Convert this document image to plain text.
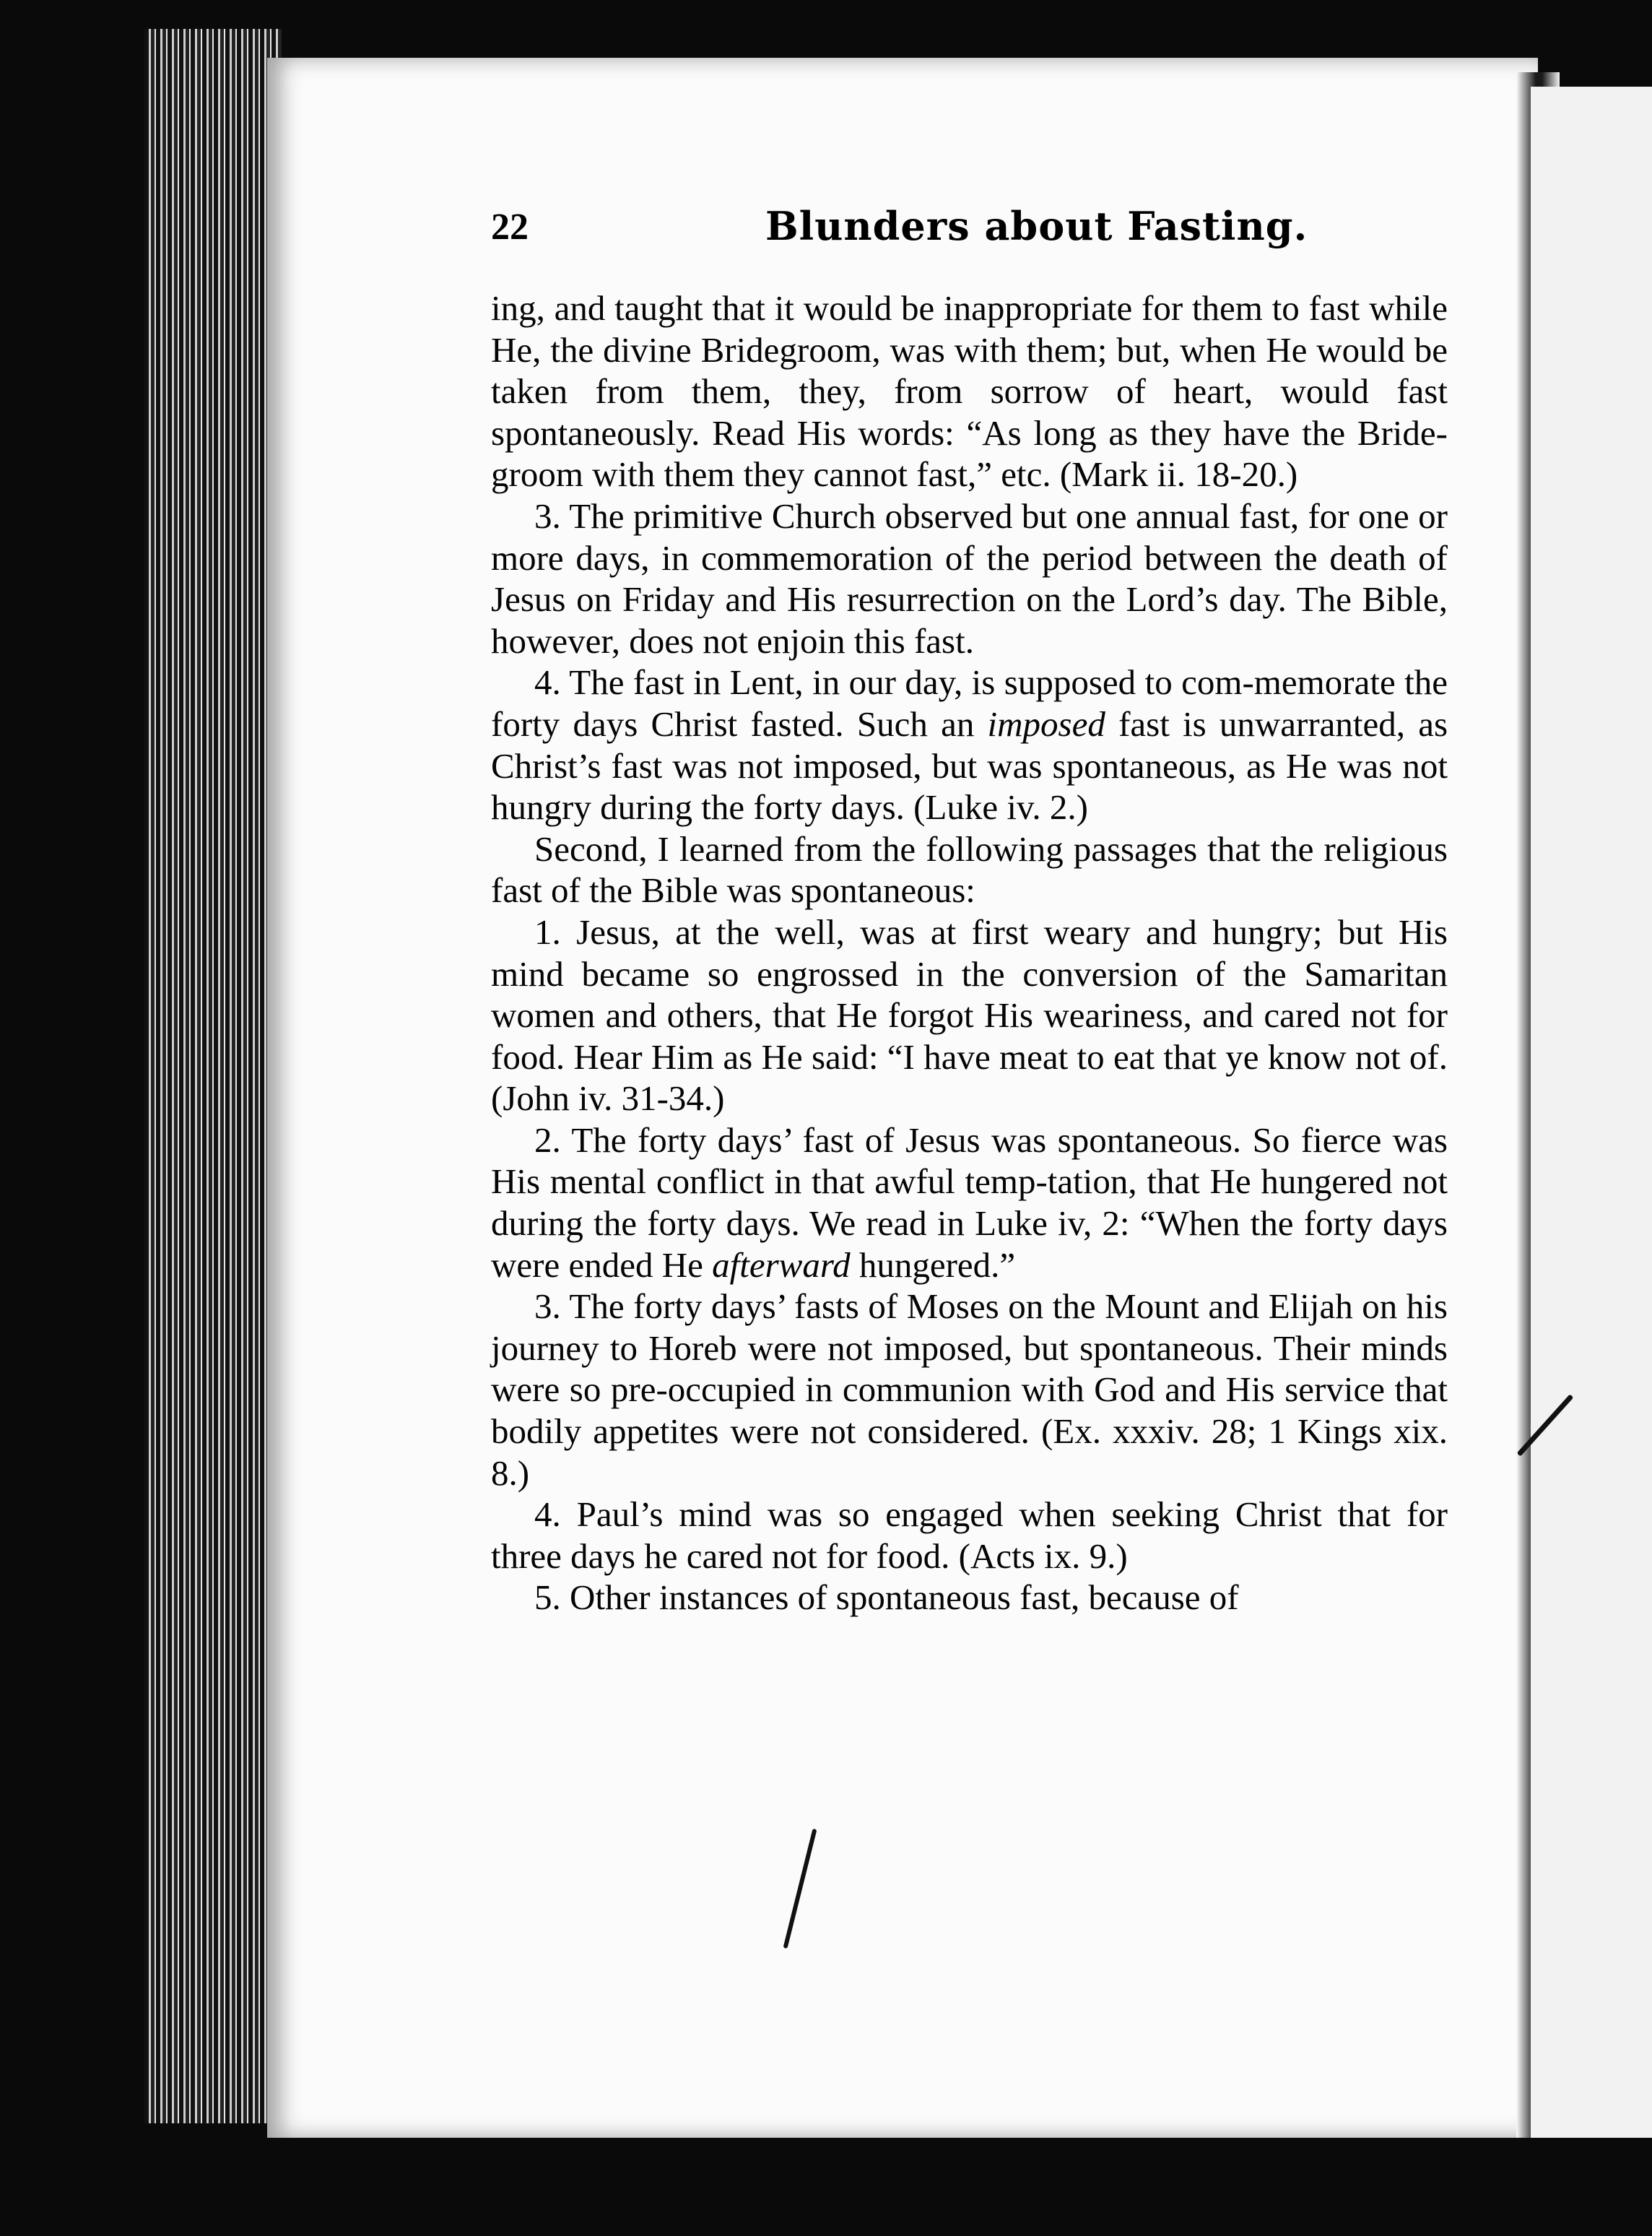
22	Blunders about Fasting.

ing, and taught that it would be inappropriate for them to fast while He, the divine Bridegroom, was with them; but, when He would be taken from them, they, from sorrow of heart, would fast spontaneously. Read His words: “As long as they have the Bride-groom with them they cannot fast,” etc. (Mark ii. 18-20.)

3. The primitive Church observed but one annual fast, for one or more days, in commemoration of the period between the death of Jesus on Friday and His resurrection on the Lord’s day. The Bible, however, does not enjoin this fast.

4. The fast in Lent, in our day, is supposed to com-memorate the forty days Christ fasted. Such an imposed fast is unwarranted, as Christ’s fast was not imposed, but was spontaneous, as He was not hungry during the forty days. (Luke iv. 2.)

Second, I learned from the following passages that the religious fast of the Bible was spontaneous:

1. Jesus, at the well, was at first weary and hungry; but His mind became so engrossed in the conversion of the Samaritan women and others, that He forgot His weariness, and cared not for food. Hear Him as He said: “I have meat to eat that ye know not of. (John iv. 31-34.)

2. The forty days’ fast of Jesus was spontaneous. So fierce was His mental conflict in that awful temp-tation, that He hungered not during the forty days. We read in Luke iv, 2: “When the forty days were ended He afterward hungered.”

3. The forty days’ fasts of Moses on the Mount and Elijah on his journey to Horeb were not imposed, but spontaneous. Their minds were so pre-occupied in communion with God and His service that bodily appetites were not considered. (Ex. xxxiv. 28; 1 Kings xix. 8.)

4. Paul’s mind was so engaged when seeking Christ that for three days he cared not for food. (Acts ix. 9.)

5. Other instances of spontaneous fast, because of
